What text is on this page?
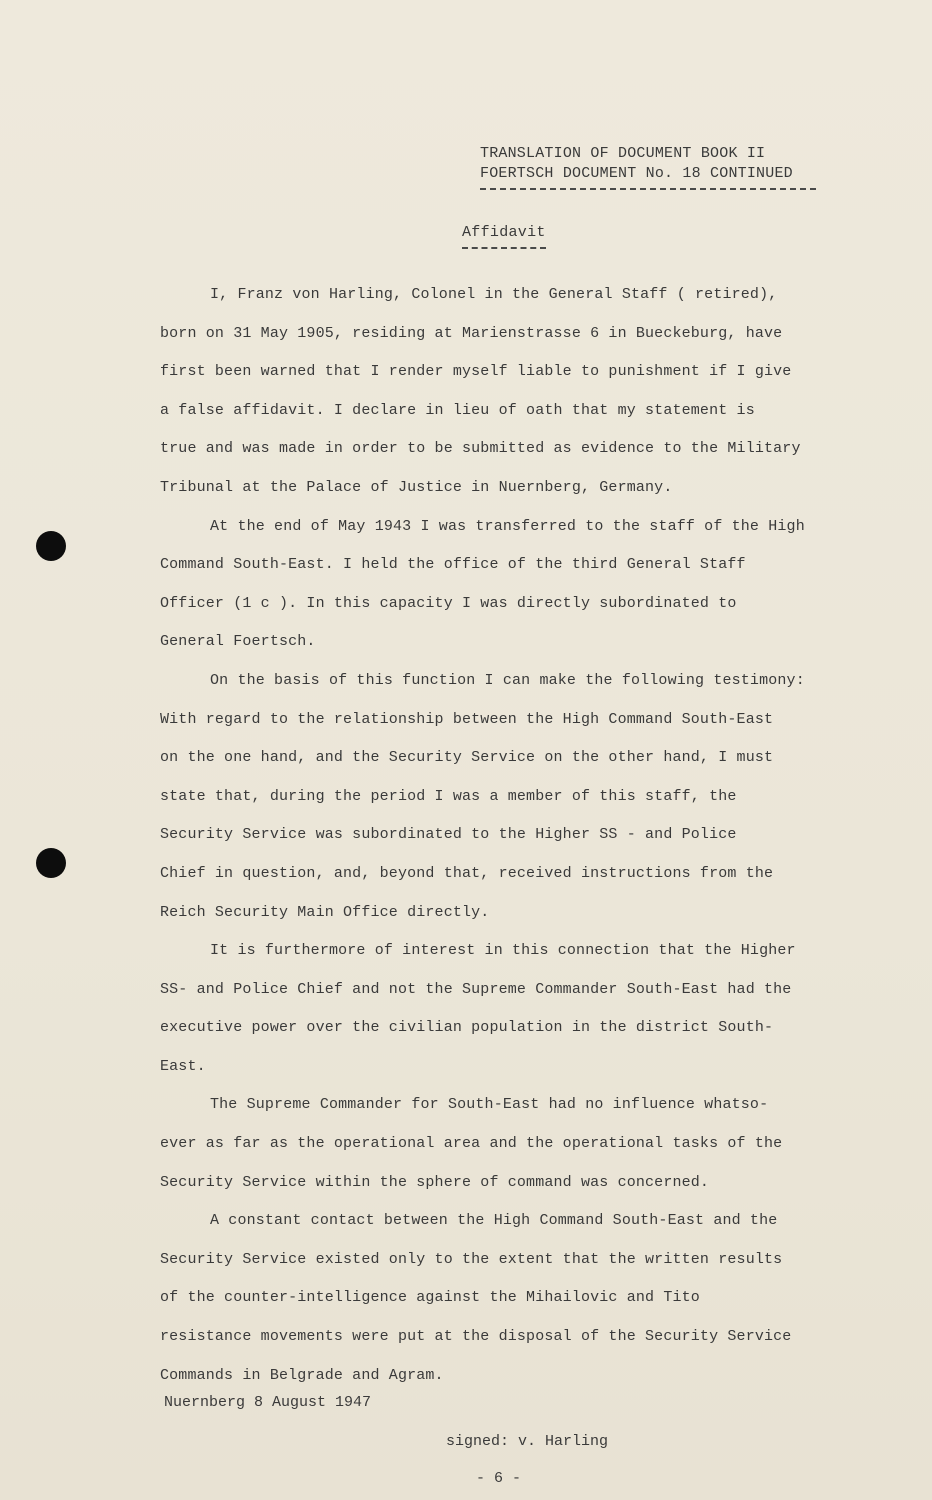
TRANSLATION OF DOCUMENT BOOK II
FOERTSCH DOCUMENT No. 18 CONTINUED
Affidavit
I, Franz von Harling, Colonel in the General Staff ( retired),
born on 31 May 1905, residing at Marienstrasse 6 in Bueckeburg, have
first been warned that I render myself liable to punishment if I give
a false affidavit. I declare in lieu of oath that my statement is
true and was made in order to be submitted as evidence to the Military
Tribunal at the Palace of Justice in Nuernberg, Germany.
At the end of May 1943 I was transferred to the staff of the High
Command South-East. I held the office of the third General Staff
Officer (1 c ). In this capacity I was directly subordinated to
General Foertsch.
On the basis of this function I can make the following testimony:
With regard to the relationship between the High Command South-East
on the one hand, and the Security Service on the other hand, I must
state that, during the period I was a member of this staff, the
Security Service was subordinated to the Higher SS - and Police
Chief in question, and, beyond that, received instructions from the
Reich Security Main Office directly.
It is furthermore of interest in this connection that the Higher
SS- and Police Chief and not the Supreme Commander South-East had the
executive power over the civilian population in the district South-
East.
The Supreme Commander for South-East had no influence whatso-
ever as far as the operational area and the operational tasks of the
Security Service within the sphere of command was concerned.
A constant contact between the High Command South-East and the
Security Service existed only to the extent that the written results
of the counter-intelligence against the Mihailovic and Tito
resistance movements were put at the disposal of the Security Service
Commands in Belgrade and Agram.
Nuernberg 8 August 1947
signed: v. Harling
- 6 -
